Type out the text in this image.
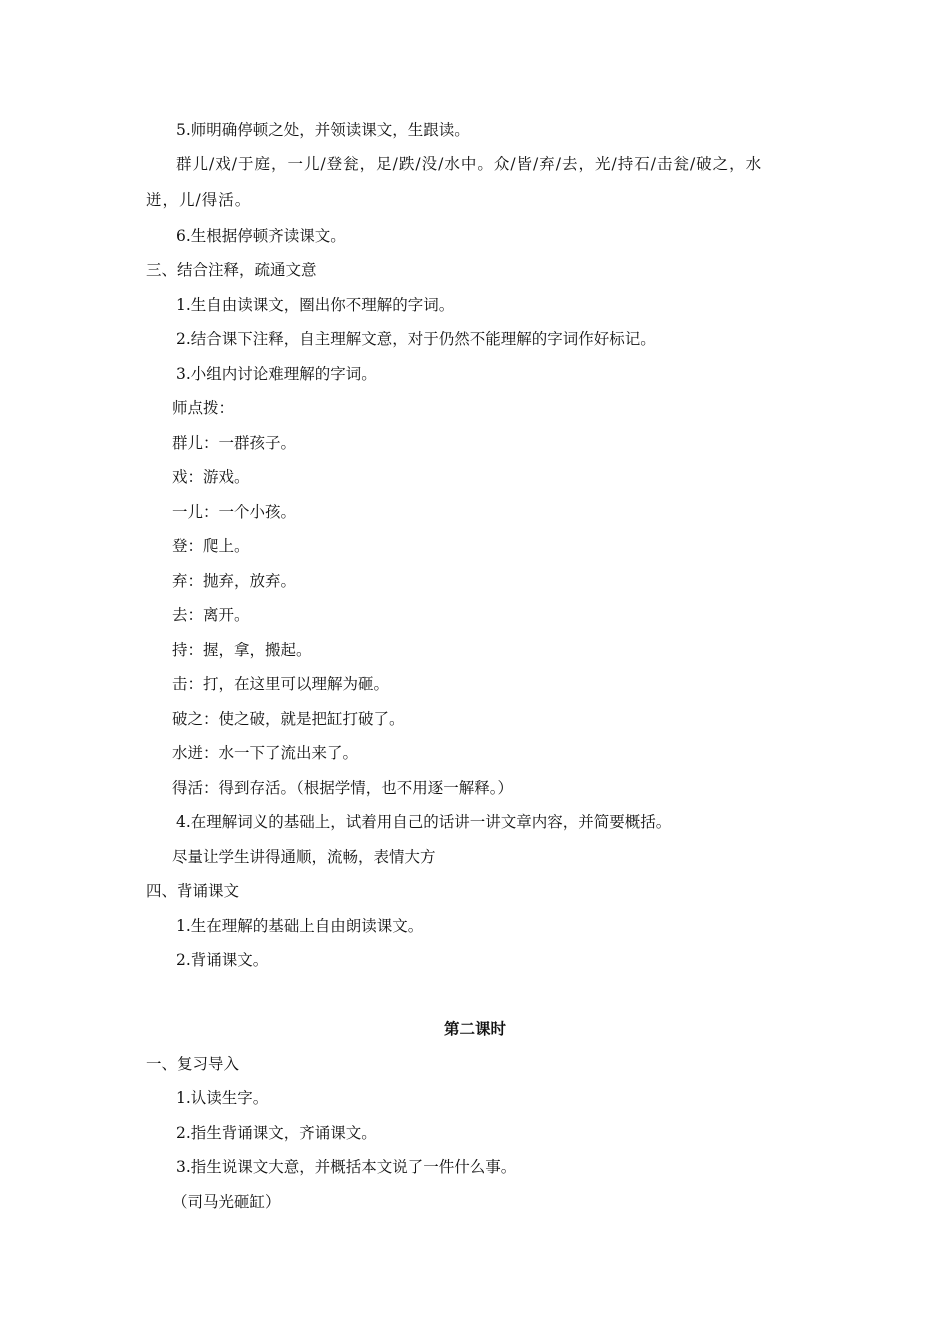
5.师明确停顿之处，并领读课文，生跟读。
群儿/戏/于庭，一儿/登瓮，足/跌/没/水中。众/皆/弃/去，光/持石/击瓮/破之，水
迸，儿/得活。
6.生根据停顿齐读课文。
三、结合注释，疏通文意
1.生自由读课文，圈出你不理解的字词。
2.结合课下注释，自主理解文意，对于仍然不能理解的字词作好标记。
3.小组内讨论难理解的字词。
师点拨：
群儿：一群孩子。
戏：游戏。
一儿：一个小孩。
登：爬上。
弃：抛弃，放弃。
去：离开。
持：握，拿，搬起。
击：打，在这里可以理解为砸。
破之：使之破，就是把缸打破了。
水迸：水一下了流出来了。
得活：得到存活。（根据学情，也不用逐一解释。）
4.在理解词义的基础上，试着用自己的话讲一讲文章内容，并简要概括。
尽量让学生讲得通顺，流畅，表情大方
四、背诵课文
1.生在理解的基础上自由朗读课文。
2.背诵课文。
第二课时
一、复习导入
1.认读生字。
2.指生背诵课文，齐诵课文。
3.指生说课文大意，并概括本文说了一件什么事。
（司马光砸缸）
